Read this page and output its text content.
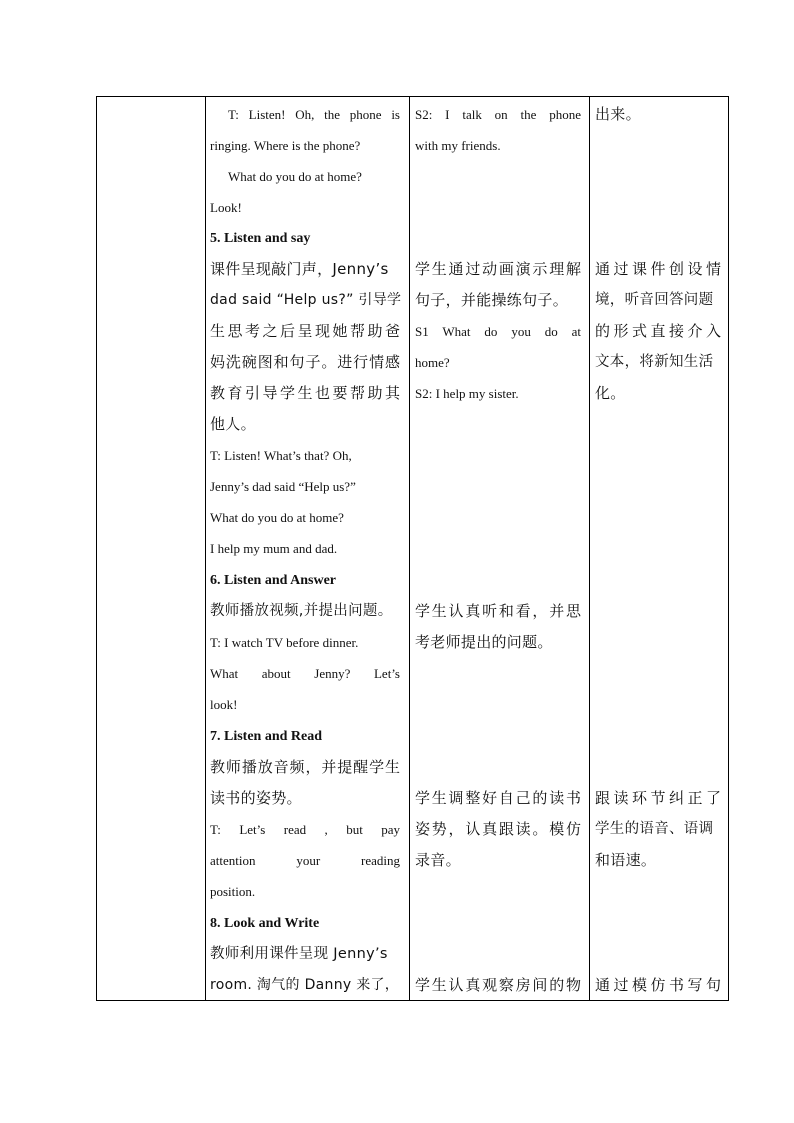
T: Listen! Oh, the phone is
ringing. Where is the phone?
What do you do at home?
Look!
5. Listen and say
课件呈现敲门声，Jenny’s
dad said “Help us?” 引导学
生思考之后呈现她帮助爸
妈洗碗图和句子。进行情感
教育引导学生也要帮助其
他人。
T: Listen! What’s that? Oh,
Jenny’s dad said “Help us?”
What do you do at home?
I help my mum and dad.
6. Listen and Answer
教师播放视频,并提出问题。
T: I watch TV before dinner.
What about Jenny? Let’s
look!
7. Listen and Read
教师播放音频，并提醒学生
读书的姿势。
T: Let’s read , but pay
attention your reading
position.
8. Look and Write
教师利用课件呈现 Jenny’s
room. 淘气的 Danny 来了，
S2: I talk on the phone
with my friends.
学生通过动画演示理解
句子，并能操练句子。
S1 What do you do at
home?
S2: I help my sister.
学生认真听和看，并思
考老师提出的问题。
学生调整好自己的读书
姿势，认真跟读。模仿
录音。
学生认真观察房间的物
出来。
通过课件创设情
境，听音回答问题
的形式直接介入
文本，将新知生活
化。
跟读环节纠正了
学生的语音、语调
和语速。
通过模仿书写句
